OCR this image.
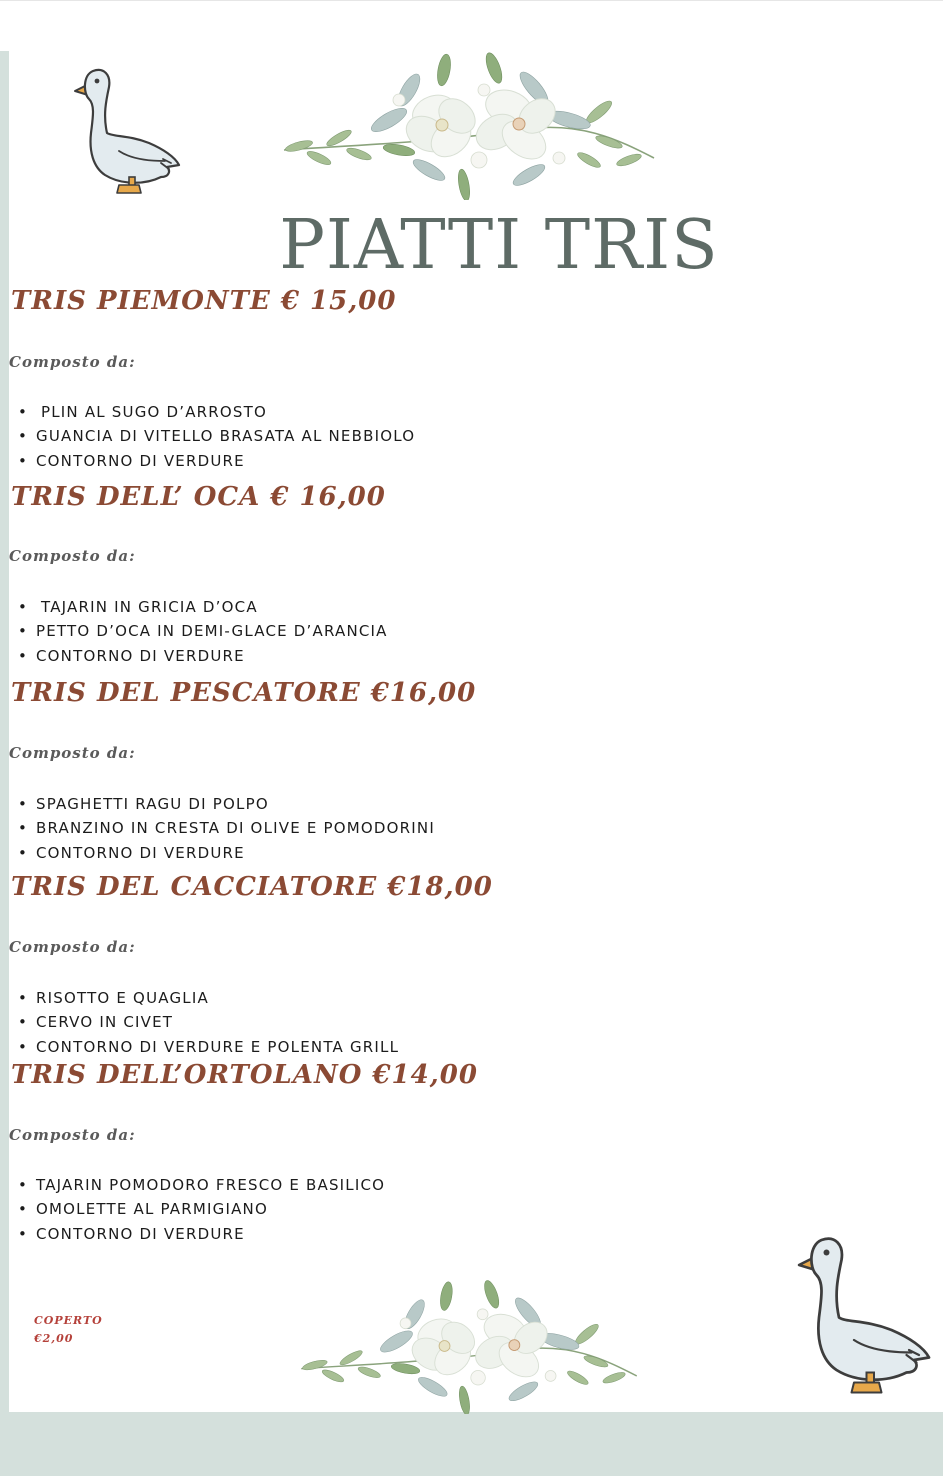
PIATTI TRIS
TRIS PIEMONTE € 15,00
Composto da:
• PLIN AL SUGO D’ARROSTO
• GUANCIA DI VITELLO BRASATA AL NEBBIOLO
• CONTORNO DI VERDURE
TRIS DELL’ OCA € 16,00
Composto da:
• TAJARIN IN GRICIA D’OCA
• PETTO D’OCA IN DEMI-GLACE D’ARANCIA
• CONTORNO DI VERDURE
TRIS DEL PESCATORE €16,00
Composto da:
• SPAGHETTI RAGU DI POLPO
• BRANZINO IN CRESTA DI OLIVE E POMODORINI
• CONTORNO DI VERDURE
TRIS DEL CACCIATORE €18,00
Composto da:
• RISOTTO E QUAGLIA
• CERVO IN CIVET
• CONTORNO DI VERDURE E POLENTA GRILL
TRIS DELL’ORTOLANO €14,00
Composto da:
• TAJARIN POMODORO FRESCO E BASILICO
• OMOLETTE AL PARMIGIANO
• CONTORNO DI VERDURE
COPERTO
€2,00
